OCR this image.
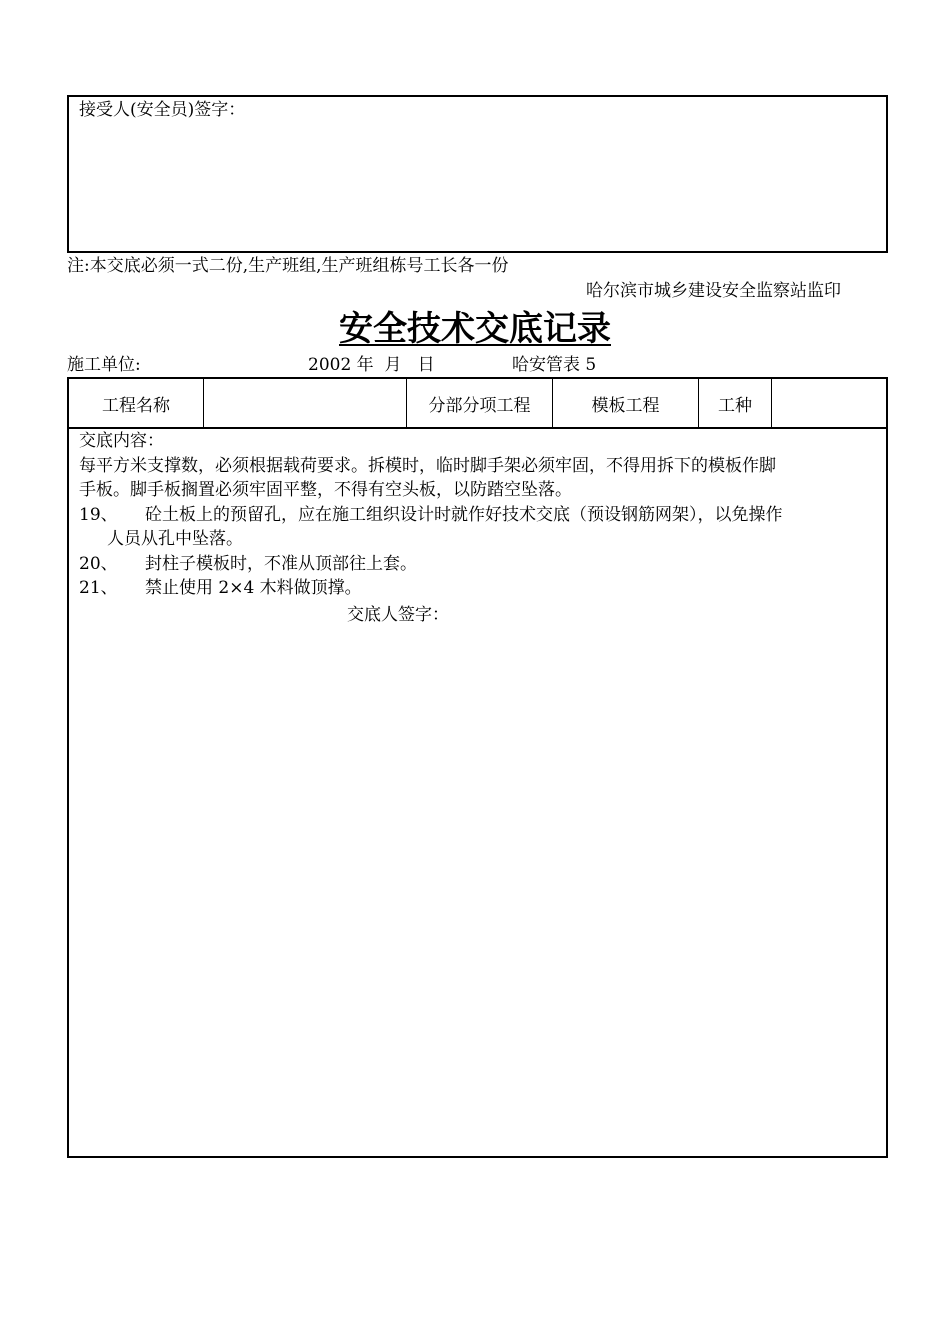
接受人(安全员)签字：
注:本交底必须一式二份,生产班组,生产班组栋号工长各一份
哈尔滨市城乡建设安全监察站监印
安全技术交底记录
施工单位:	2002 年  月   日	哈安管表 5
工程名称	分部分项工程	模板工程	工种
交底内容：
每平方米支撑数，必须根据载荷要求。拆模时，临时脚手架必须牢固，不得用拆下的模板作脚
手板。脚手板搁置必须牢固平整，不得有空头板，以防踏空坠落。
19、 砼土板上的预留孔，应在施工组织设计时就作好技术交底（预设钢筋网架），以免操作
人员从孔中坠落。
20、 封柱子模板时，不准从顶部往上套。
21、 禁止使用 2×4 木料做顶撑。
交底人签字：
